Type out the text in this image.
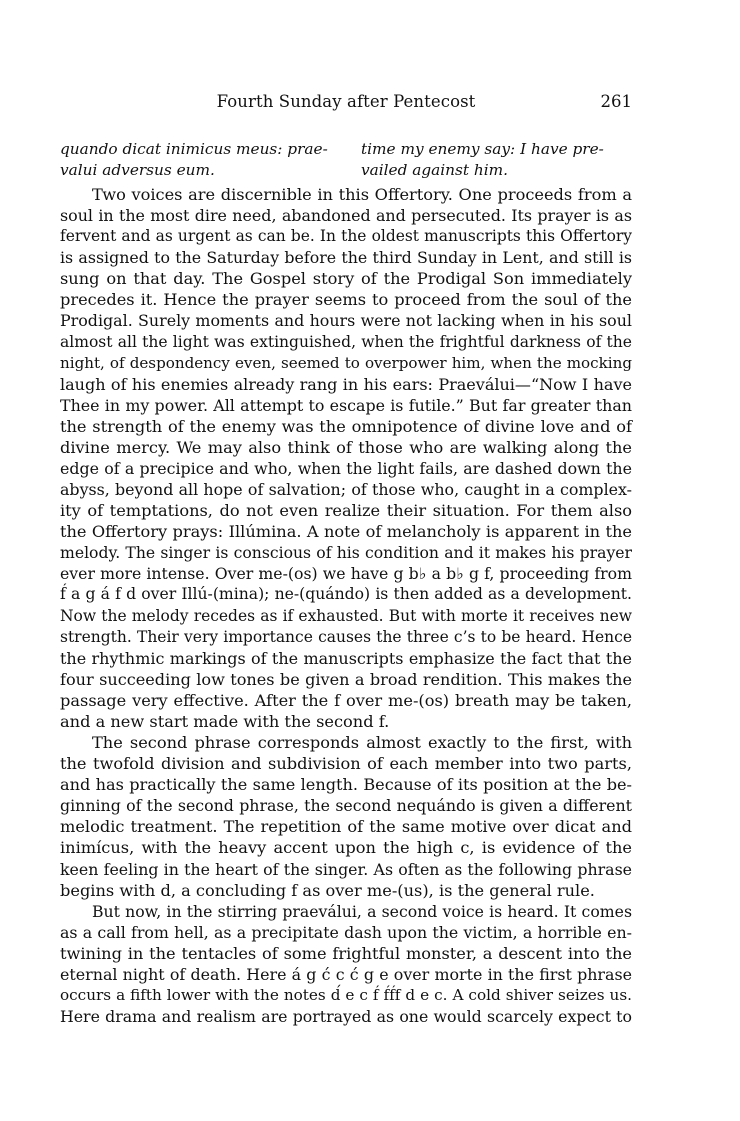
Fourth Sunday after Pentecost	261
quando dicat inimicus meus: prae-
valui adversus eum.
time my enemy say: I have pre-
vailed against him.
Two voices are discernible in this Offertory. One proceeds from a
soul in the most dire need, abandoned and persecuted. Its prayer is as
fervent and as urgent as can be. In the oldest manuscripts this Offertory
is assigned to the Saturday before the third Sunday in Lent, and still is
sung on that day. The Gospel story of the Prodigal Son immediately
precedes it. Hence the prayer seems to proceed from the soul of the
Prodigal. Surely moments and hours were not lacking when in his soul
almost all the light was extinguished, when the frightful darkness of the
night, of despondency even, seemed to overpower him, when the mocking
laugh of his enemies already rang in his ears: Praeválui—“Now I have
Thee in my power. All attempt to escape is futile.” But far greater than
the strength of the enemy was the omnipotence of divine love and of
divine mercy. We may also think of those who are walking along the
edge of a precipice and who, when the light fails, are dashed down the
abyss, beyond all hope of salvation; of those who, caught in a complex-
ity of temptations, do not even realize their situation. For them also
the Offertory prays: Illúmina. A note of melancholy is apparent in the
melody. The singer is conscious of his condition and it makes his prayer
ever more intense. Over me-(os) we have g b♭ a b♭ g f, proceeding from
f́ a g á f d over Illú-(mina); ne-(quándo) is then added as a development.
Now the melody recedes as if exhausted. But with morte it receives new
strength. Their very importance causes the three c’s to be heard. Hence
the rhythmic markings of the manuscripts emphasize the fact that the
four succeeding low tones be given a broad rendition. This makes the
passage very effective. After the f over me-(os) breath may be taken,
and a new start made with the second f.
The second phrase corresponds almost exactly to the first, with
the twofold division and subdivision of each member into two parts,
and has practically the same length. Because of its position at the be-
ginning of the second phrase, the second nequándo is given a different
melodic treatment. The repetition of the same motive over dicat and
inimícus, with the heavy accent upon the high c, is evidence of the
keen feeling in the heart of the singer. As often as the following phrase
begins with d, a concluding f as over me-(us), is the general rule.
But now, in the stirring praeválui, a second voice is heard. It comes
as a call from hell, as a precipitate dash upon the victim, a horrible en-
twining in the tentacles of some frightful monster, a descent into the
eternal night of death. Here á g ć c ć g e over morte in the first phrase
occurs a fifth lower with the notes d́ e c f́ f́f́f d e c. A cold shiver seizes us.
Here drama and realism are portrayed as one would scarcely expect to
